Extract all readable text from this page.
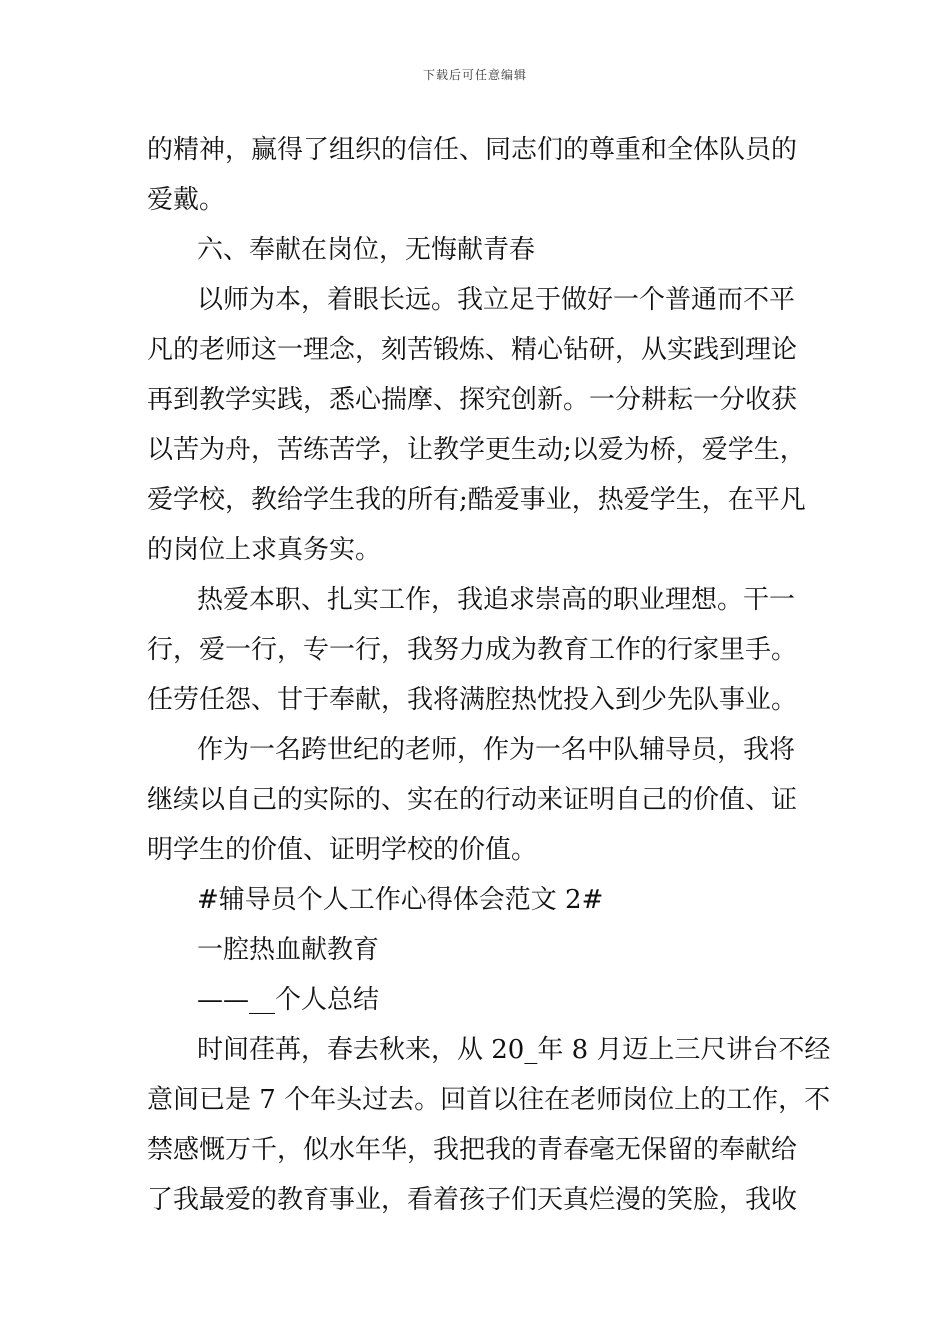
下载后可任意编辑
的精神，赢得了组织的信任、同志们的尊重和全体队员的
爱戴。
六、奉献在岗位，无悔献青春
以师为本，着眼长远。我立足于做好一个普通而不平
凡的老师这一理念，刻苦锻炼、精心钻研，从实践到理论
再到教学实践，悉心揣摩、探究创新。一分耕耘一分收获
以苦为舟，苦练苦学，让教学更生动;以爱为桥，爱学生，
爱学校，教给学生我的所有;酷爱事业，热爱学生，在平凡
的岗位上求真务实。
热爱本职、扎实工作，我追求崇高的职业理想。干一
行，爱一行，专一行，我努力成为教育工作的行家里手。
任劳任怨、甘于奉献，我将满腔热忱投入到少先队事业。
作为一名跨世纪的老师，作为一名中队辅导员，我将
继续以自己的实际的、实在的行动来证明自己的价值、证
明学生的价值、证明学校的价值。
#辅导员个人工作心得体会范文 2#
一腔热血献教育
——__个人总结
时间荏苒，春去秋来，从 20_年 8 月迈上三尺讲台不经
意间已是 7 个年头过去。回首以往在老师岗位上的工作，不
禁感慨万千，似水年华，我把我的青春毫无保留的奉献给
了我最爱的教育事业，看着孩子们天真烂漫的笑脸，我收
